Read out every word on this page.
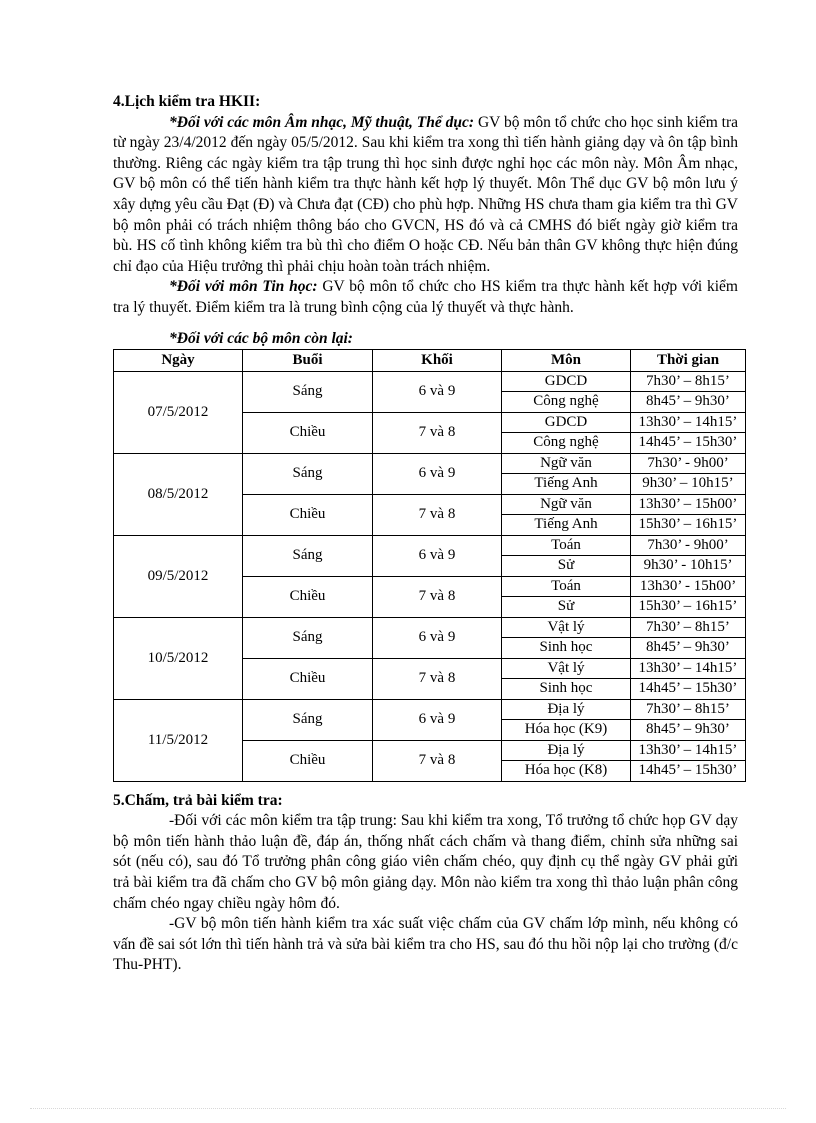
4.Lịch kiểm tra HKII:

*Đối với các môn Âm nhạc, Mỹ thuật, Thể dục: GV bộ môn tổ chức cho học sinh kiểm tra từ ngày 23/4/2012 đến ngày 05/5/2012. Sau khi kiểm tra xong thì tiến hành giảng dạy và ôn tập bình thường. Riêng các ngày kiểm tra tập trung thì học sinh được nghỉ học các môn này. Môn Âm nhạc, GV bộ môn có thể tiến hành kiểm tra thực hành kết hợp lý thuyết. Môn Thể dục GV bộ môn lưu ý xây dựng yêu cầu Đạt (Đ) và Chưa đạt (CĐ) cho phù hợp. Những HS chưa tham gia kiểm tra thì GV bộ môn phải có trách nhiệm thông báo cho GVCN, HS đó và cả CMHS đó biết ngày giờ kiểm tra bù. HS cố tình không kiểm tra bù thì cho điểm O hoặc CĐ. Nếu bản thân GV không thực hiện đúng chỉ đạo của Hiệu trưởng thì phải chịu hoàn toàn trách nhiệm.

*Đối với môn Tin học: GV bộ môn tổ chức cho HS kiểm tra thực hành kết hợp với kiểm tra lý thuyết. Điểm kiểm tra là trung bình cộng của lý thuyết và thực hành.

*Đối với các bộ môn còn lại:
Ngày	Buổi	Khối	Môn	Thời gian
07/5/2012	Sáng	6 và 9	GDCD	7h30’ – 8h15’
			Công nghệ	8h45’ – 9h30’
	Chiều	7 và 8	GDCD	13h30’ – 14h15’
			Công nghệ	14h45’ – 15h30’
08/5/2012	Sáng	6 và 9	Ngữ văn	7h30’ - 9h00’
			Tiếng Anh	9h30’ – 10h15’
	Chiều	7 và 8	Ngữ văn	13h30’ – 15h00’
			Tiếng Anh	15h30’ – 16h15’
09/5/2012	Sáng	6 và 9	Toán	7h30’ - 9h00’
			Sử	9h30’ - 10h15’
	Chiều	7 và 8	Toán	13h30’ - 15h00’
			Sử	15h30’ – 16h15’
10/5/2012	Sáng	6 và 9	Vật lý	7h30’ – 8h15’
			Sinh học	8h45’ – 9h30’
	Chiều	7 và 8	Vật lý	13h30’ – 14h15’
			Sinh học	14h45’ – 15h30’
11/5/2012	Sáng	6 và 9	Địa lý	7h30’ – 8h15’
			Hóa học (K9)	8h45’ – 9h30’
	Chiều	7 và 8	Địa lý	13h30’ – 14h15’
			Hóa học (K8)	14h45’ – 15h30’
5.Chấm, trả bài kiểm tra:

-Đối với các môn kiểm tra tập trung: Sau khi kiểm tra xong, Tổ trưởng tổ chức họp GV dạy bộ môn tiến hành thảo luận đề, đáp án, thống nhất cách chấm và thang điểm, chỉnh sửa những sai sót (nếu có), sau đó Tổ trưởng phân công giáo viên chấm chéo, quy định cụ thể ngày GV phải gửi trả bài kiểm tra đã chấm cho GV bộ môn giảng dạy. Môn nào kiểm tra xong thì thảo luận phân công chấm chéo ngay chiều ngày hôm đó.

-GV bộ môn tiến hành kiểm tra xác suất việc chấm của GV chấm lớp mình, nếu không có vấn đề sai sót lớn thì tiến hành trả và sửa bài kiểm tra cho HS, sau đó thu hồi nộp lại cho trường (đ/c Thu-PHT).
